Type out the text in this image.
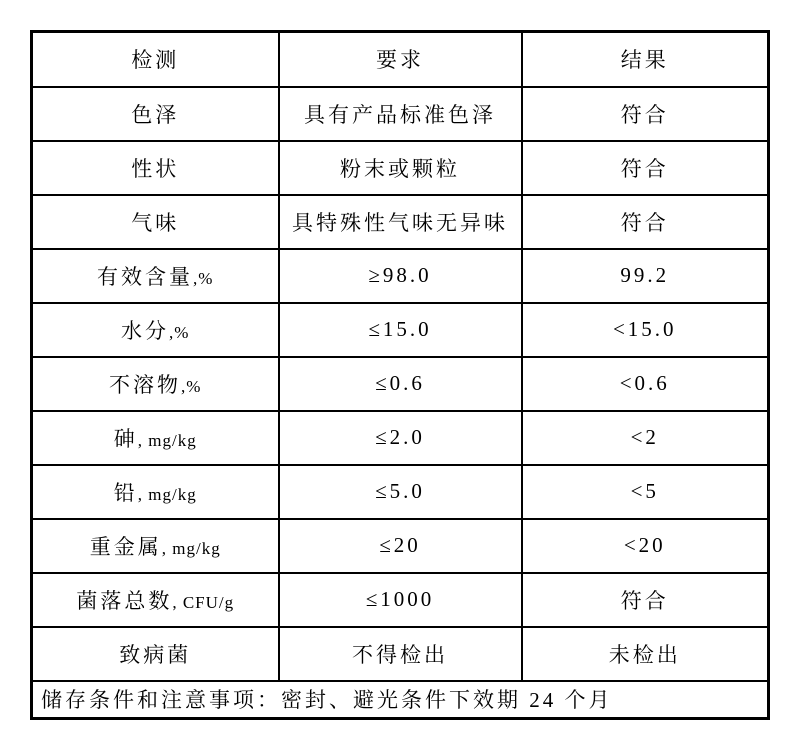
检测	要求	结果
色泽	具有产品标准色泽	符合
性状	粉末或颗粒	符合
气味	具特殊性气味无异味	符合
有效含量,%	≥98.0	99.2
水分,%	≤15.0	<15.0
不溶物,%	≤0.6	<0.6
砷, mg/kg	≤2.0	<2
铅, mg/kg	≤5.0	<5
重金属, mg/kg	≤20	<20
菌落总数, CFU/g	≤1000	符合
致病菌	不得检出	未检出
储存条件和注意事项：密封、避光条件下效期 24 个月		
